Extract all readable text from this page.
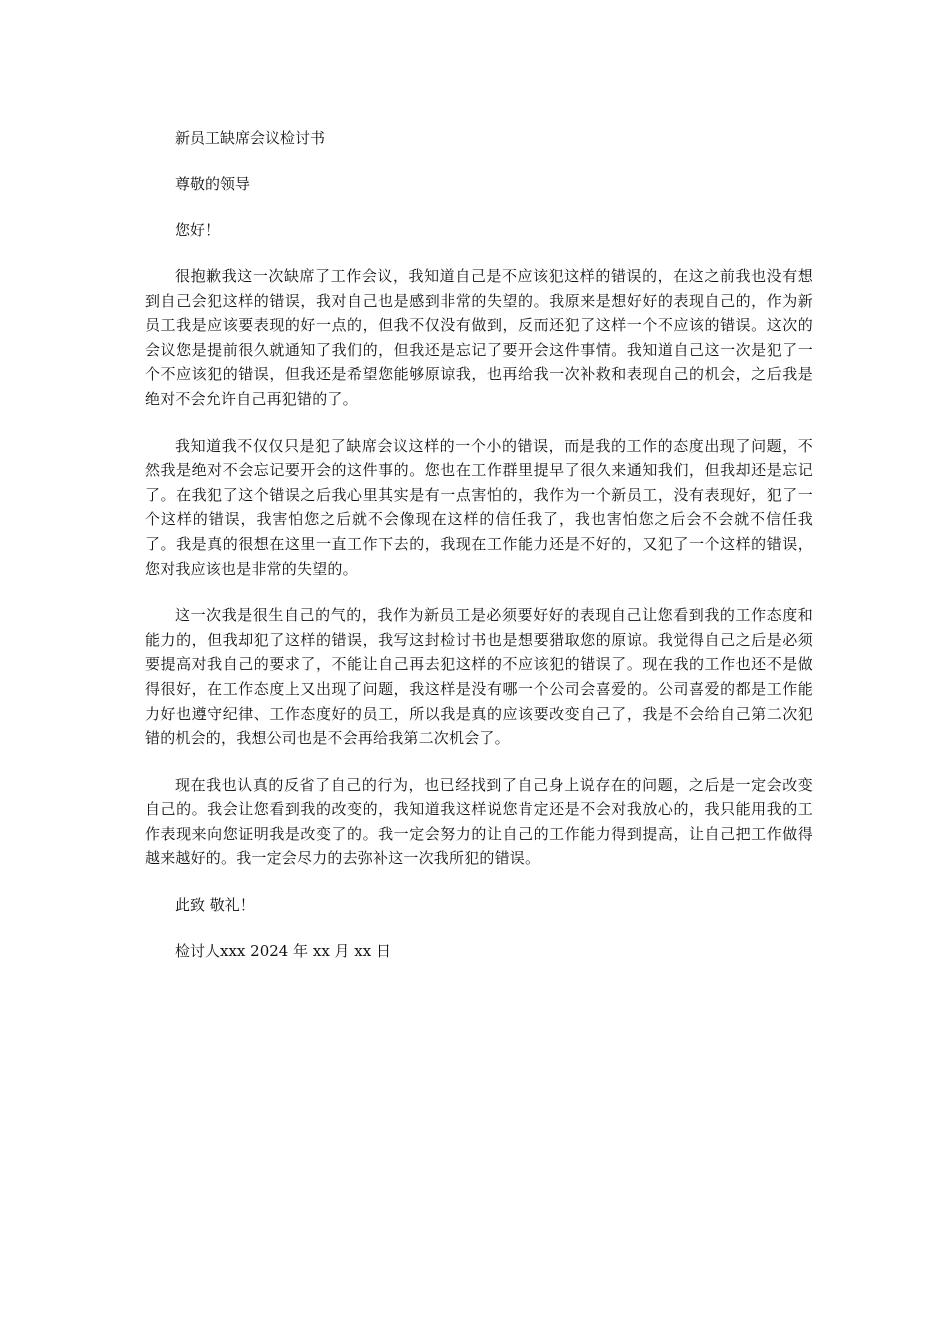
新员工缺席会议检讨书

尊敬的领导

您好！

很抱歉我这一次缺席了工作会议，我知道自己是不应该犯这样的错误的，在这之前我也没有想到自己会犯这样的错误，我对自己也是感到非常的失望的。我原来是想好好的表现自己的，作为新员工我是应该要表现的好一点的，但我不仅没有做到，反而还犯了这样一个不应该的错误。这次的会议您是提前很久就通知了我们的，但我还是忘记了要开会这件事情。我知道自己这一次是犯了一个不应该犯的错误，但我还是希望您能够原谅我，也再给我一次补救和表现自己的机会，之后我是绝对不会允许自己再犯错的了。

我知道我不仅仅只是犯了缺席会议这样的一个小的错误，而是我的工作的态度出现了问题，不然我是绝对不会忘记要开会的这件事的。您也在工作群里提早了很久来通知我们，但我却还是忘记了。在我犯了这个错误之后我心里其实是有一点害怕的，我作为一个新员工，没有表现好，犯了一个这样的错误，我害怕您之后就不会像现在这样的信任我了，我也害怕您之后会不会就不信任我了。我是真的很想在这里一直工作下去的，我现在工作能力还是不好的，又犯了一个这样的错误，您对我应该也是非常的失望的。

这一次我是很生自己的气的，我作为新员工是必须要好好的表现自己让您看到我的工作态度和能力的，但我却犯了这样的错误，我写这封检讨书也是想要猎取您的原谅。我觉得自己之后是必须要提高对我自己的要求了，不能让自己再去犯这样的不应该犯的错误了。现在我的工作也还不是做得很好，在工作态度上又出现了问题，我这样是没有哪一个公司会喜爱的。公司喜爱的都是工作能力好也遵守纪律、工作态度好的员工，所以我是真的应该要改变自己了，我是不会给自己第二次犯错的机会的，我想公司也是不会再给我第二次机会了。

现在我也认真的反省了自己的行为，也已经找到了自己身上说存在的问题，之后是一定会改变自己的。我会让您看到我的改变的，我知道我这样说您肯定还是不会对我放心的，我只能用我的工作表现来向您证明我是改变了的。我一定会努力的让自己的工作能力得到提高，让自己把工作做得越来越好的。我一定会尽力的去弥补这一次我所犯的错误。

此致 敬礼！

检讨人xxx 2024 年 xx 月 xx 日
